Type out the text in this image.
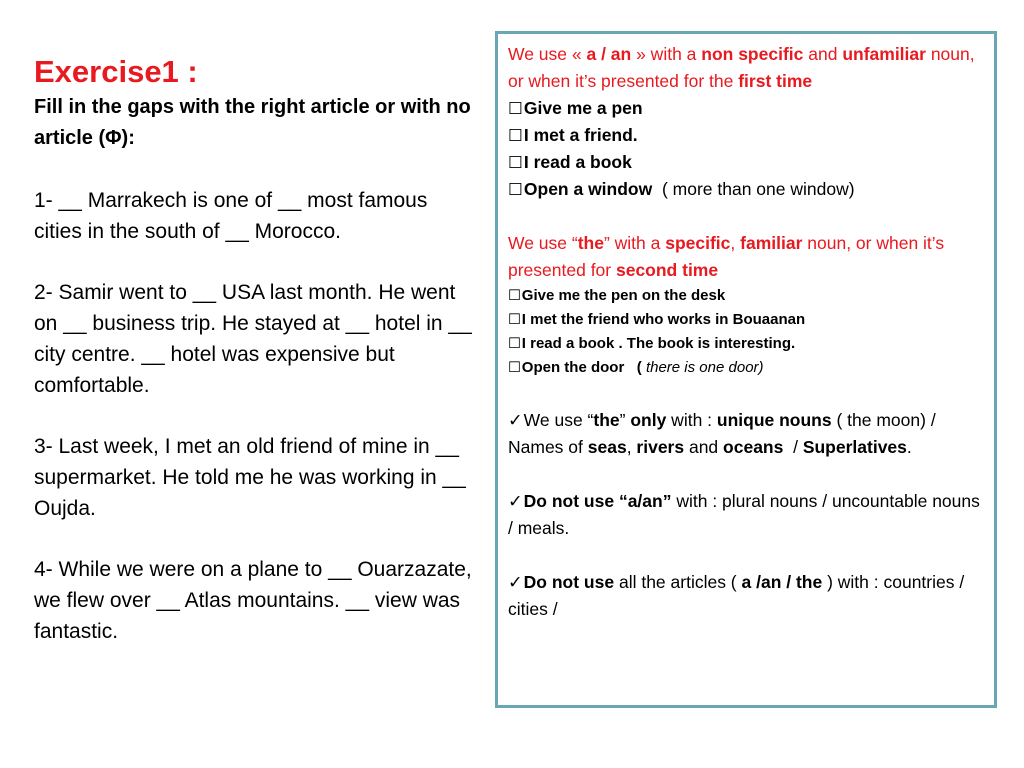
Exercise1 :

Fill in the gaps with the right article or with no article (Φ):

1- __ Marrakech is one of __ most famous cities in the south of __ Morocco.

2- Samir went to __ USA last month. He went on __ business trip. He stayed at __ hotel in __ city centre. __ hotel was expensive but comfortable.

3- Last week, I met an old friend of mine in __ supermarket. He told me he was working in __ Oujda.

4- While we were on a plane to __ Ouarzazate, we flew over __ Atlas mountains. __ view was fantastic.

We use « a / an » with a non specific and unfamiliar noun, or when it’s presented for the first time

☐ Give me a pen
☐ I met a friend.
☐ I read a book
☐ Open a window ( more than one window)

We use “the” with a specific, familiar noun, or when it’s presented for second time

☐ Give me the pen on the desk
☐ I met the friend who works in Bouaanan
☐ I read a book . The book is interesting.
☐ Open the door   ( there is one door)

✓We use “the” only with : unique nouns ( the moon) / Names of seas, rivers and oceans  / Superlatives.

✓Do not use “a/an” with : plural nouns / uncountable nouns / meals.

✓Do not use all the articles ( a /an / the ) with : countries / cities /
